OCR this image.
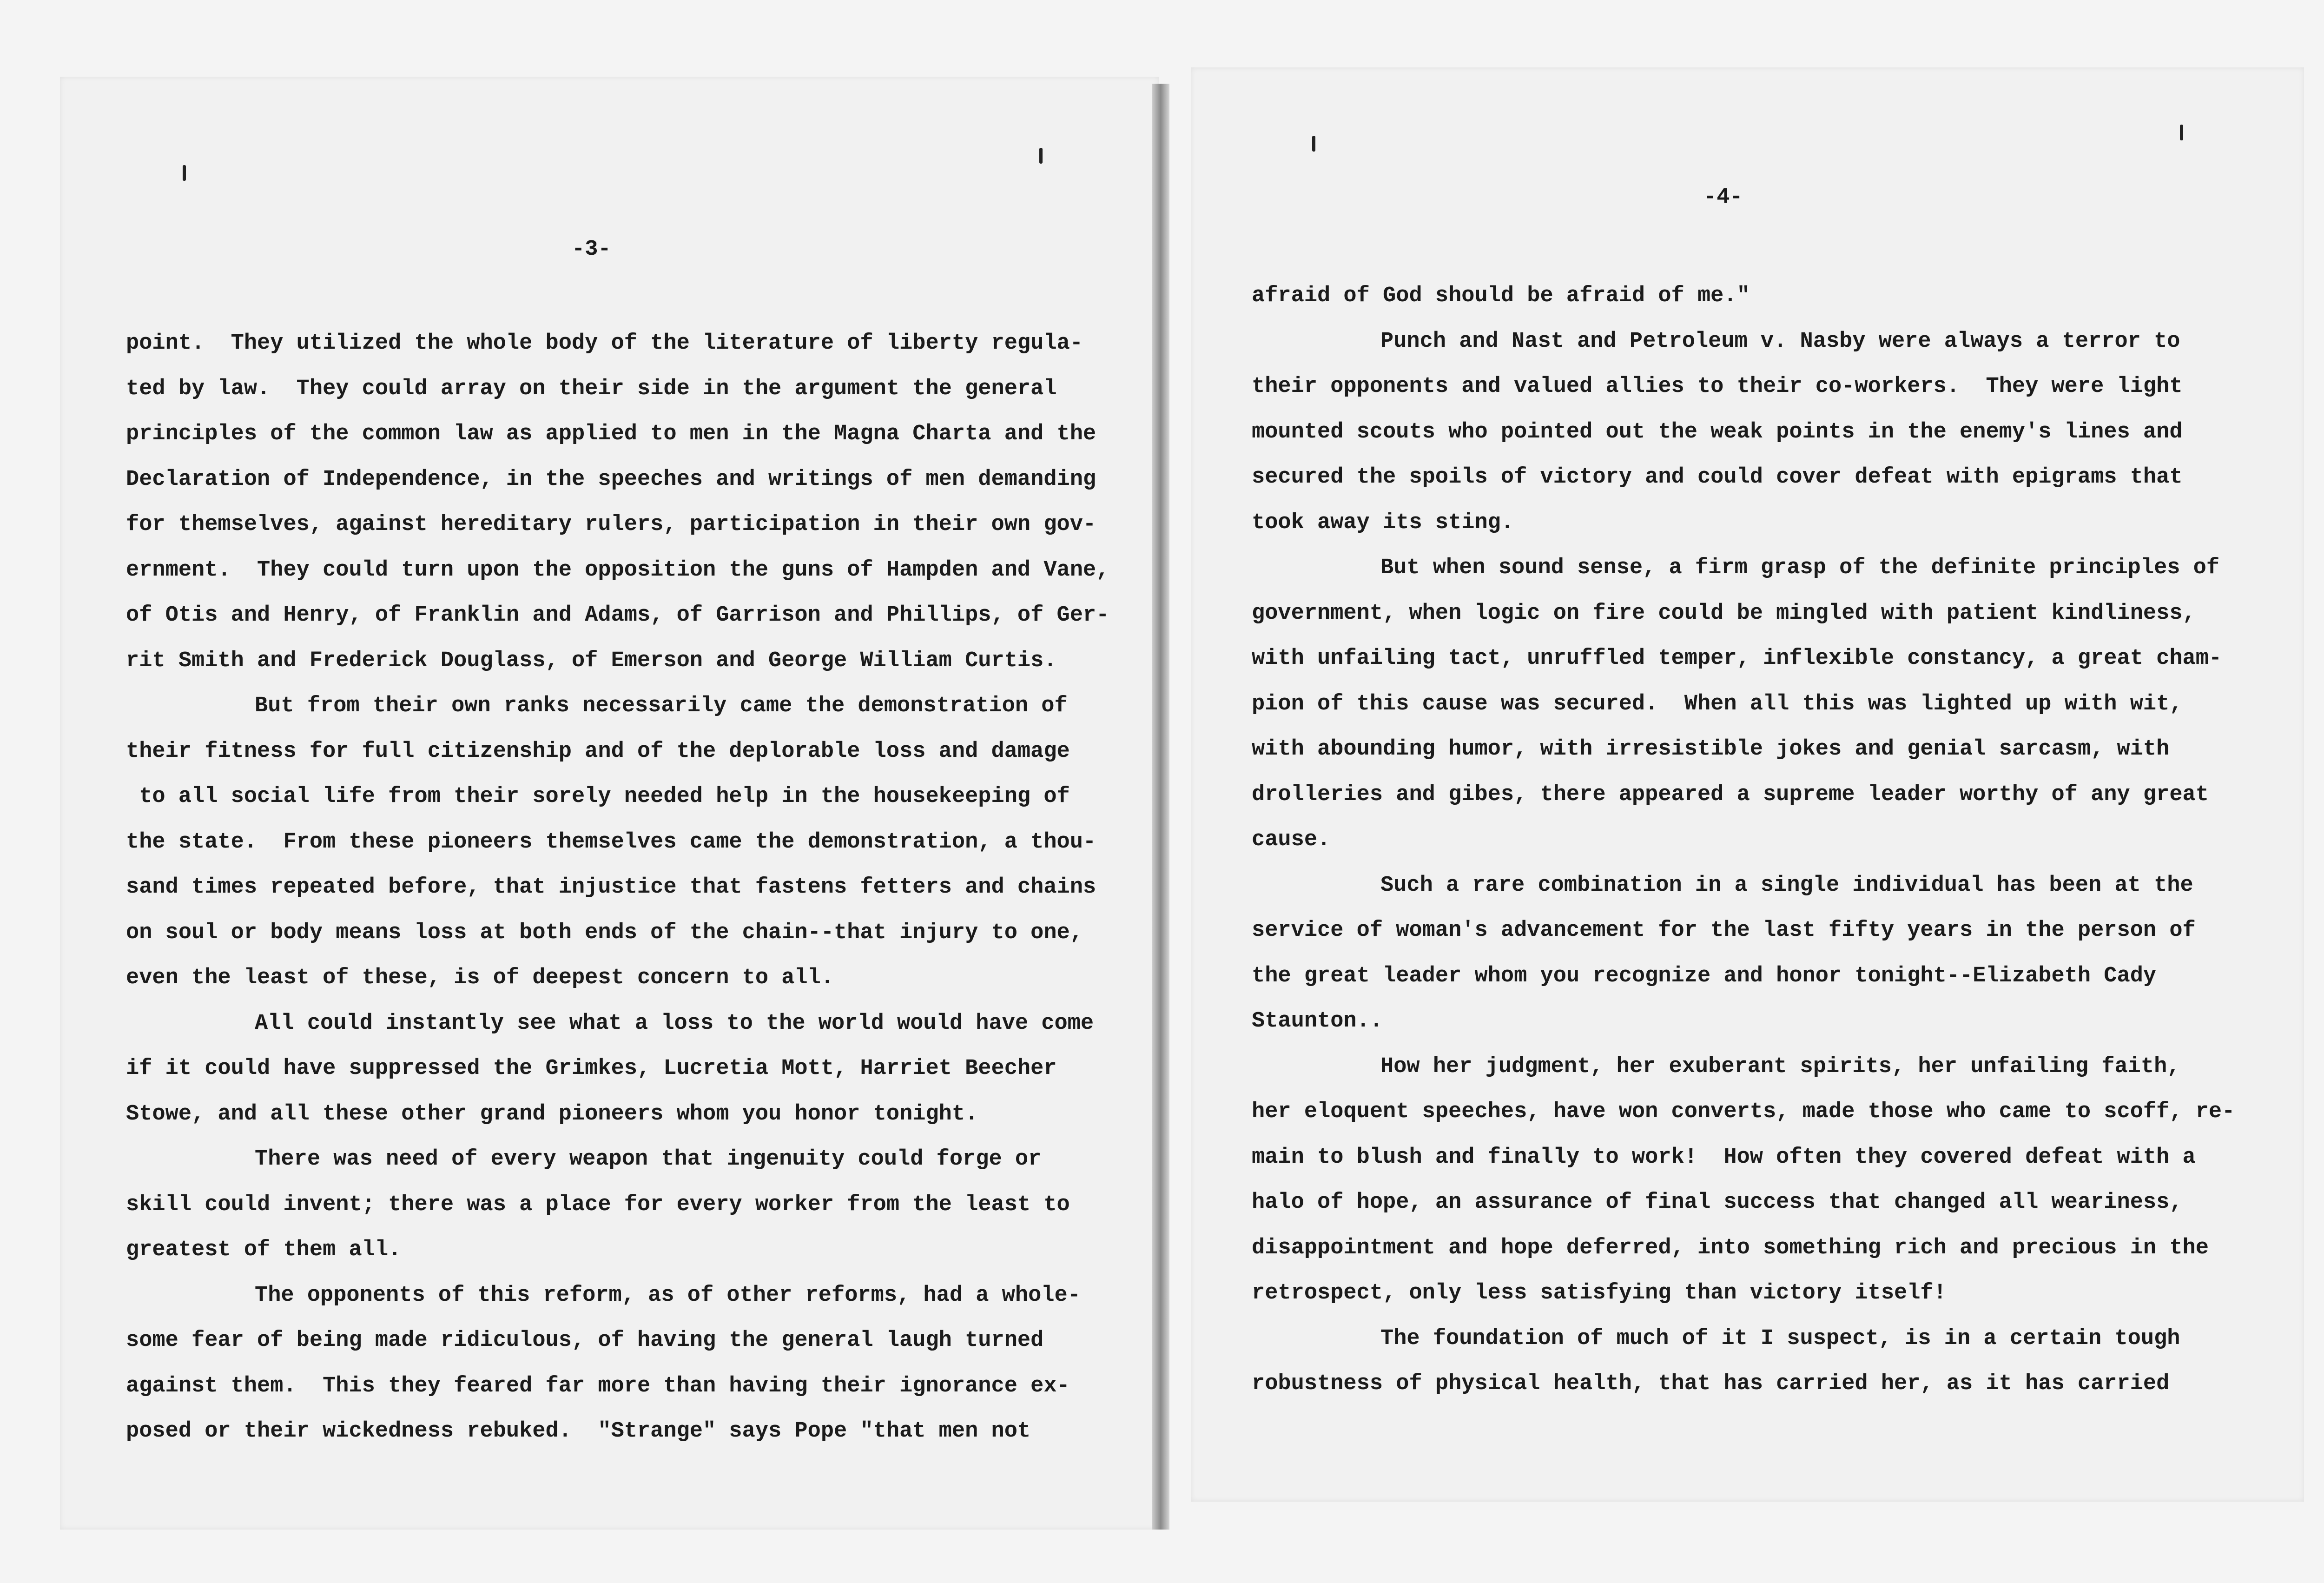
-3-
-4-
point.  They utilized the whole body of the literature of liberty regula-
ted by law.  They could array on their side in the argument the general
principles of the common law as applied to men in the Magna Charta and the
Declaration of Independence, in the speeches and writings of men demanding
for themselves, against hereditary rulers, participation in their own gov-
ernment.  They could turn upon the opposition the guns of Hampden and Vane,
of Otis and Henry, of Franklin and Adams, of Garrison and Phillips, of Ger-
rit Smith and Frederick Douglass, of Emerson and George William Curtis.
But from their own ranks necessarily came the demonstration of
their fitness for full citizenship and of the deplorable loss and damage
to all social life from their sorely needed help in the housekeeping of
the state.  From these pioneers themselves came the demonstration, a thou-
sand times repeated before, that injustice that fastens fetters and chains
on soul or body means loss at both ends of the chain--that injury to one,
even the least of these, is of deepest concern to all.
All could instantly see what a loss to the world would have come
if it could have suppressed the Grimkes, Lucretia Mott, Harriet Beecher
Stowe, and all these other grand pioneers whom you honor tonight.
There was need of every weapon that ingenuity could forge or
skill could invent; there was a place for every worker from the least to
greatest of them all.
The opponents of this reform, as of other reforms, had a whole-
some fear of being made ridiculous, of having the general laugh turned
against them.  This they feared far more than having their ignorance ex-
posed or their wickedness rebuked.  "Strange" says Pope "that men not
afraid of God should be afraid of me."
Punch and Nast and Petroleum v. Nasby were always a terror to
their opponents and valued allies to their co-workers.  They were light
mounted scouts who pointed out the weak points in the enemy's lines and
secured the spoils of victory and could cover defeat with epigrams that
took away its sting.
But when sound sense, a firm grasp of the definite principles of
government, when logic on fire could be mingled with patient kindliness,
with unfailing tact, unruffled temper, inflexible constancy, a great cham-
pion of this cause was secured.  When all this was lighted up with wit,
with abounding humor, with irresistible jokes and genial sarcasm, with
drolleries and gibes, there appeared a supreme leader worthy of any great
cause.
Such a rare combination in a single individual has been at the
service of woman's advancement for the last fifty years in the person of
the great leader whom you recognize and honor tonight--Elizabeth Cady
Staunton..
How her judgment, her exuberant spirits, her unfailing faith,
her eloquent speeches, have won converts, made those who came to scoff, re-
main to blush and finally to work!  How often they covered defeat with a
halo of hope, an assurance of final success that changed all weariness,
disappointment and hope deferred, into something rich and precious in the
retrospect, only less satisfying than victory itself!
The foundation of much of it I suspect, is in a certain tough
robustness of physical health, that has carried her, as it has carried
